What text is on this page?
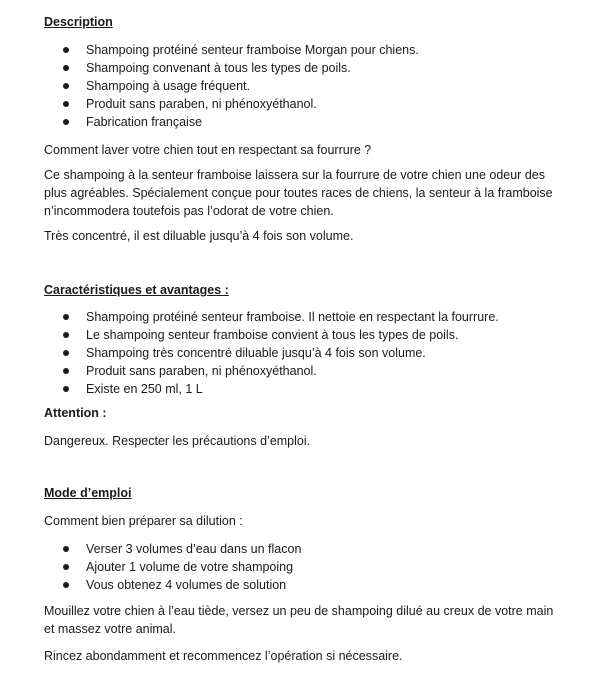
Description
Shampoing protéiné senteur framboise Morgan pour chiens.
Shampoing convenant à tous les types de poils.
Shampoing à usage fréquent.
Produit sans paraben, ni phénoxyéthanol.
Fabrication française
Comment laver votre chien tout en respectant sa fourrure ?
Ce shampoing à la senteur framboise laissera sur la fourrure de votre chien une odeur des plus agréables. Spécialement conçue pour toutes races de chiens, la senteur à la framboise n’incommodera toutefois pas l’odorat de votre chien.
Très concentré, il est diluable jusqu’à 4 fois son volume.
Caractéristiques et avantages :
Shampoing protéiné senteur framboise. Il nettoie en respectant la fourrure.
Le shampoing senteur framboise convient à tous les types de poils.
Shampoing très concentré diluable jusqu’à 4 fois son volume.
Produit sans paraben, ni phénoxyéthanol.
Existe en 250 ml, 1 L
Attention :
Dangereux. Respecter les précautions d’emploi.
Mode d’emploi
Comment bien préparer sa dilution :
Verser 3 volumes d’eau dans un flacon
Ajouter 1 volume de votre shampoing
Vous obtenez 4 volumes de solution
Mouillez votre chien à l’eau tiède, versez un peu de shampoing dilué au creux de votre main et massez votre animal.
Rincez abondamment et recommencez l’opération si nécessaire.
